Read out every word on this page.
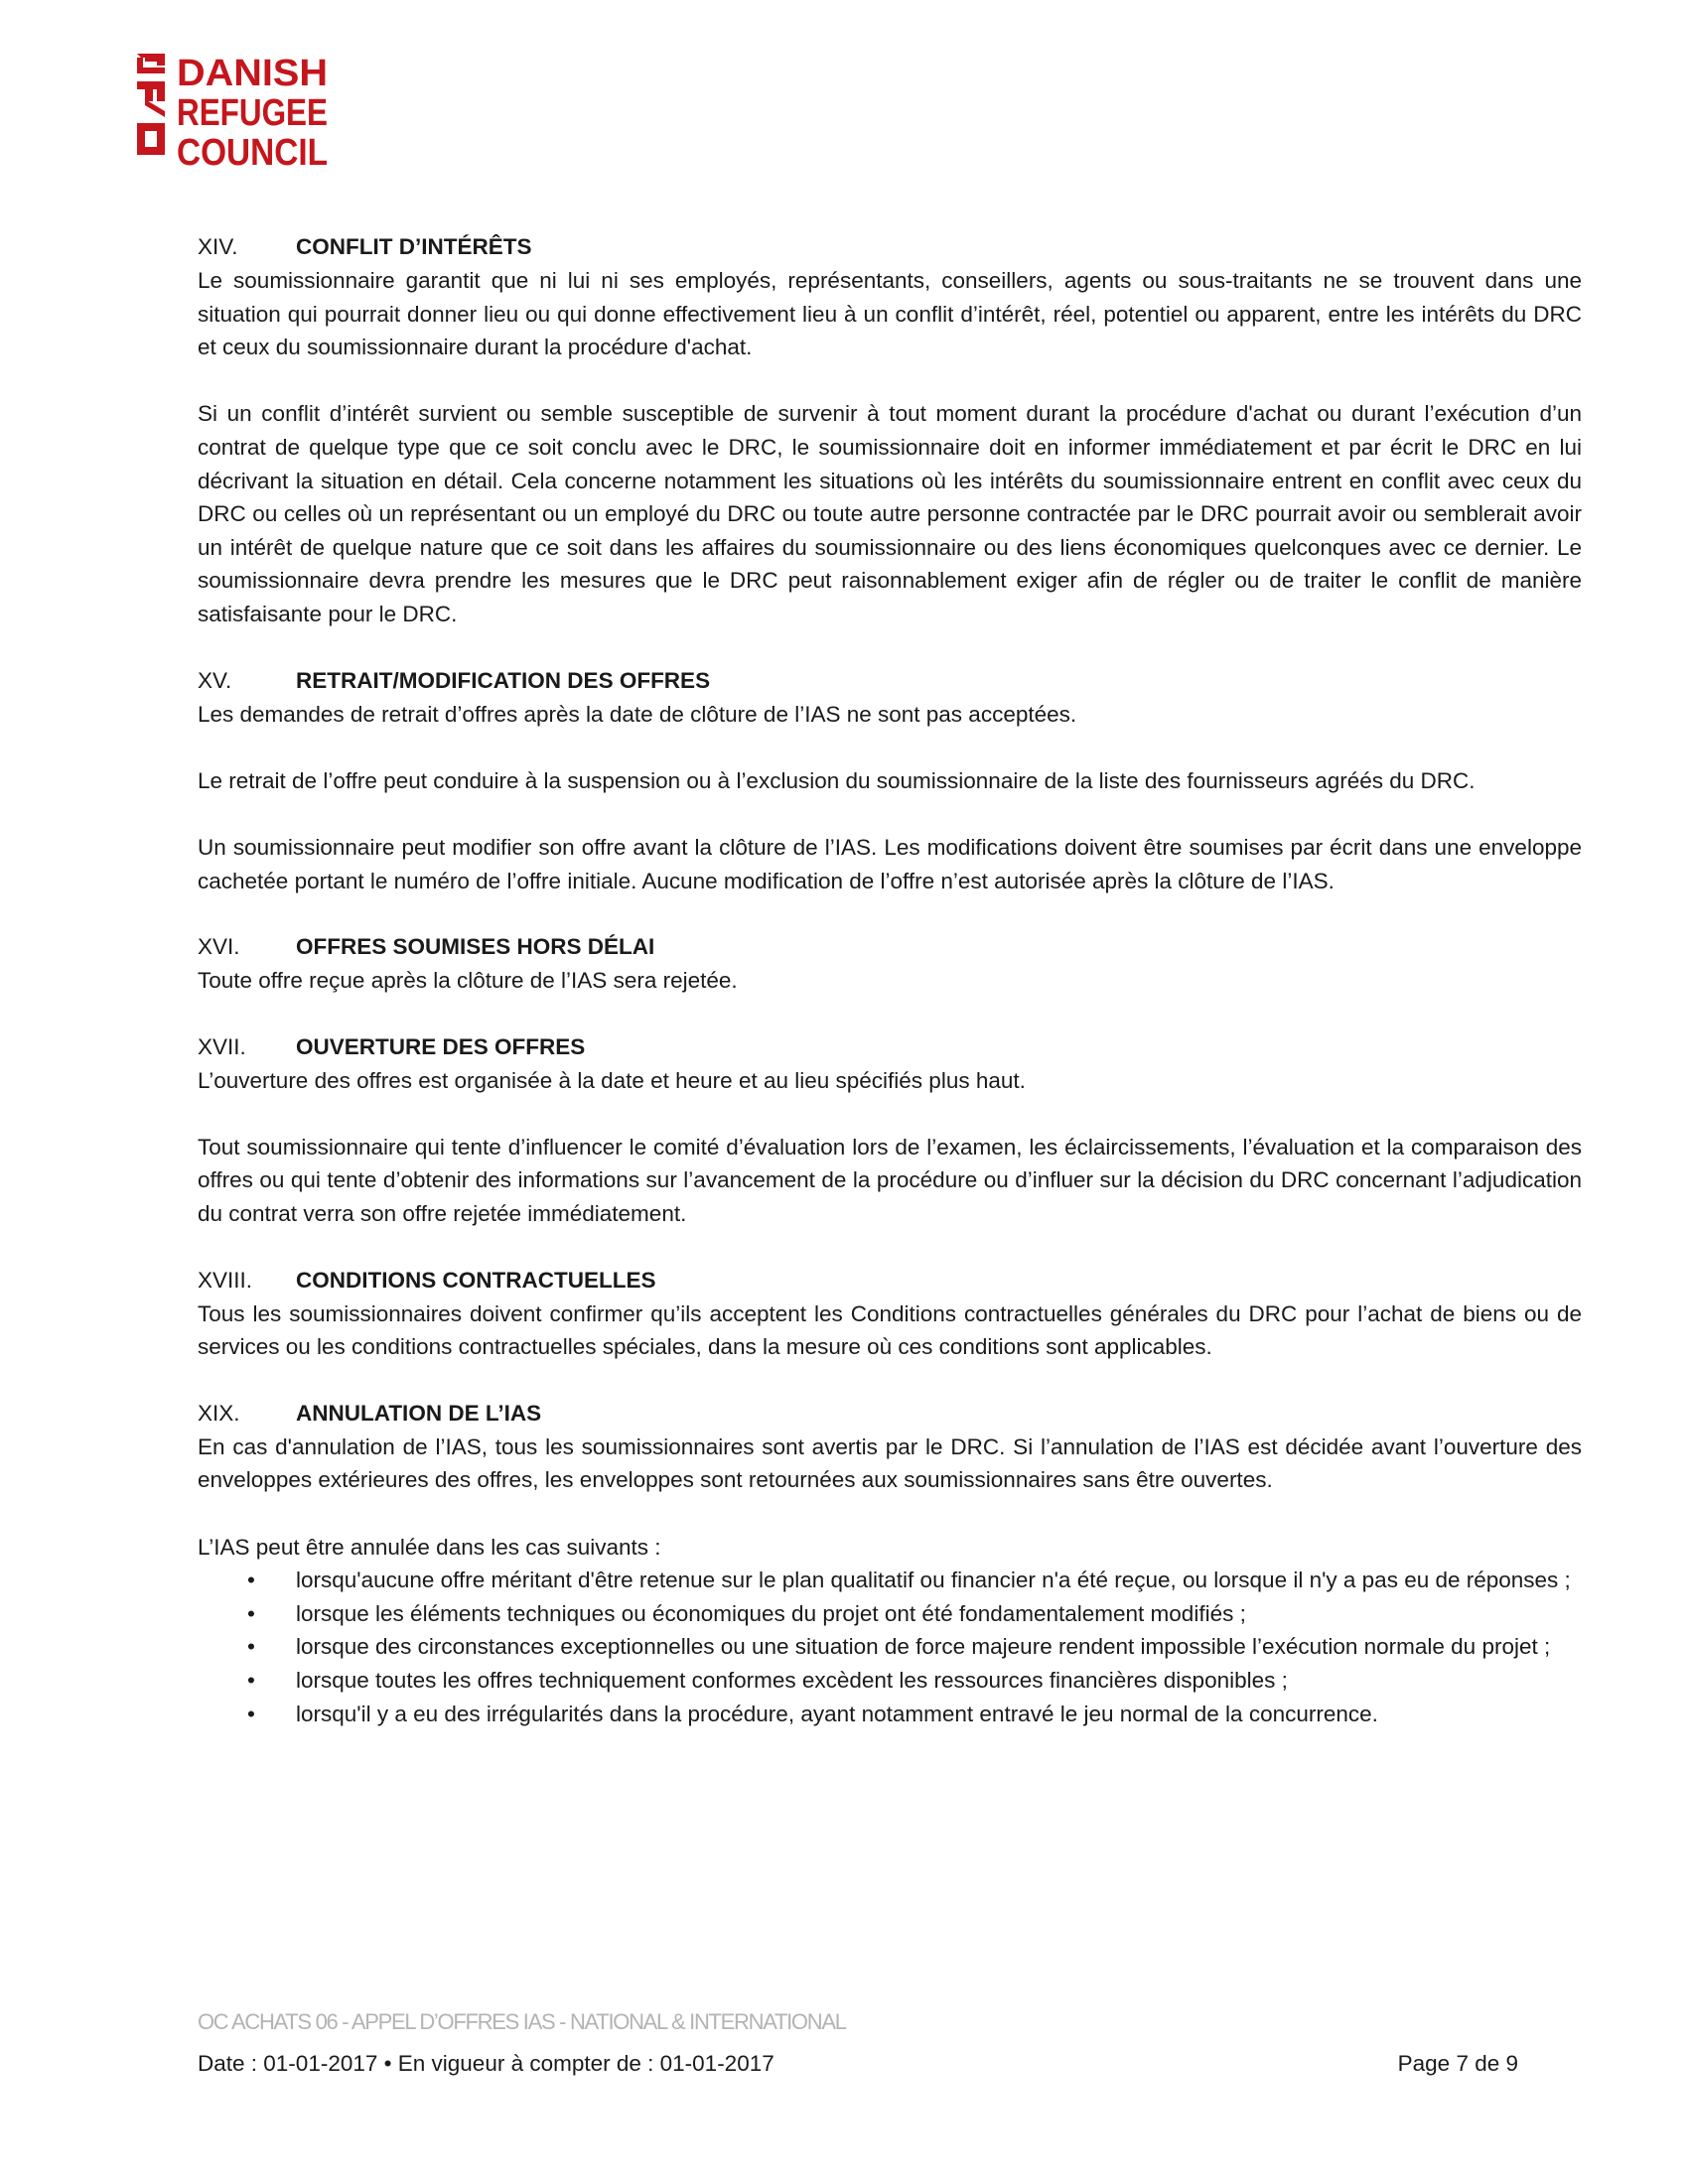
DANISH
REFUGEE
COUNCIL
XIV.	CONFLIT D’INTÉRÊTS

Le soumissionnaire garantit que ni lui ni ses employés, représentants, conseillers, agents ou sous-traitants ne se trouvent dans une situation qui pourrait donner lieu ou qui donne effectivement lieu à un conflit d’intérêt, réel, potentiel ou apparent, entre les intérêts du DRC et ceux du soumissionnaire durant la procédure d'achat.

Si un conflit d’intérêt survient ou semble susceptible de survenir à tout moment durant la procédure d'achat ou durant l’exécution d’un contrat de quelque type que ce soit conclu avec le DRC, le soumissionnaire doit en informer immédiatement et par écrit le DRC en lui décrivant la situation en détail. Cela concerne notamment les situations où les intérêts du soumissionnaire entrent en conflit avec ceux du DRC ou celles où un représentant ou un employé du DRC ou toute autre personne contractée par le DRC pourrait avoir ou semblerait avoir un intérêt de quelque nature que ce soit dans les affaires du soumissionnaire ou des liens économiques quelconques avec ce dernier. Le soumissionnaire devra prendre les mesures que le DRC peut raisonnablement exiger afin de régler ou de traiter le conflit de manière satisfaisante pour le DRC.

XV.	RETRAIT/MODIFICATION DES OFFRES

Les demandes de retrait d’offres après la date de clôture de l’IAS ne sont pas acceptées.

Le retrait de l’offre peut conduire à la suspension ou à l’exclusion du soumissionnaire de la liste des fournisseurs agréés du DRC.

Un soumissionnaire peut modifier son offre avant la clôture de l’IAS. Les modifications doivent être soumises par écrit dans une enveloppe cachetée portant le numéro de l’offre initiale. Aucune modification de l’offre n’est autorisée après la clôture de l’IAS.

XVI.	OFFRES SOUMISES HORS DÉLAI

Toute offre reçue après la clôture de l’IAS sera rejetée.

XVII.	OUVERTURE DES OFFRES

L’ouverture des offres est organisée à la date et heure et au lieu spécifiés plus haut.

Tout soumissionnaire qui tente d’influencer le comité d’évaluation lors de l’examen, les éclaircissements, l’évaluation et la comparaison des offres ou qui tente d’obtenir des informations sur l’avancement de la procédure ou d’influer sur la décision du DRC concernant l’adjudication du contrat verra son offre rejetée immédiatement.

XVIII.	CONDITIONS CONTRACTUELLES

Tous les soumissionnaires doivent confirmer qu’ils acceptent les Conditions contractuelles générales du DRC pour l’achat de biens ou de services ou les conditions contractuelles spéciales, dans la mesure où ces conditions sont applicables.

XIX.	ANNULATION DE L’IAS

En cas d'annulation de l’IAS, tous les soumissionnaires sont avertis par le DRC. Si l’annulation de l’IAS est décidée avant l’ouverture des enveloppes extérieures des offres, les enveloppes sont retournées aux soumissionnaires sans être ouvertes.

L’IAS peut être annulée dans les cas suivants :

• lorsqu'aucune offre méritant d'être retenue sur le plan qualitatif ou financier n'a été reçue, ou lorsque il n'y a pas eu de réponses ;
• lorsque les éléments techniques ou économiques du projet ont été fondamentalement modifiés ;
• lorsque des circonstances exceptionnelles ou une situation de force majeure rendent impossible l’exécution normale du projet ;
• lorsque toutes les offres techniquement conformes excèdent les ressources financières disponibles ;
• lorsqu'il y a eu des irrégularités dans la procédure, ayant notamment entravé le jeu normal de la concurrence.
OC ACHATS 06 - APPEL D’OFFRES IAS - NATIONAL & INTERNATIONAL
Date : 01-01-2017 • En vigueur à compter de : 01-01-2017	Page 7 de 9
